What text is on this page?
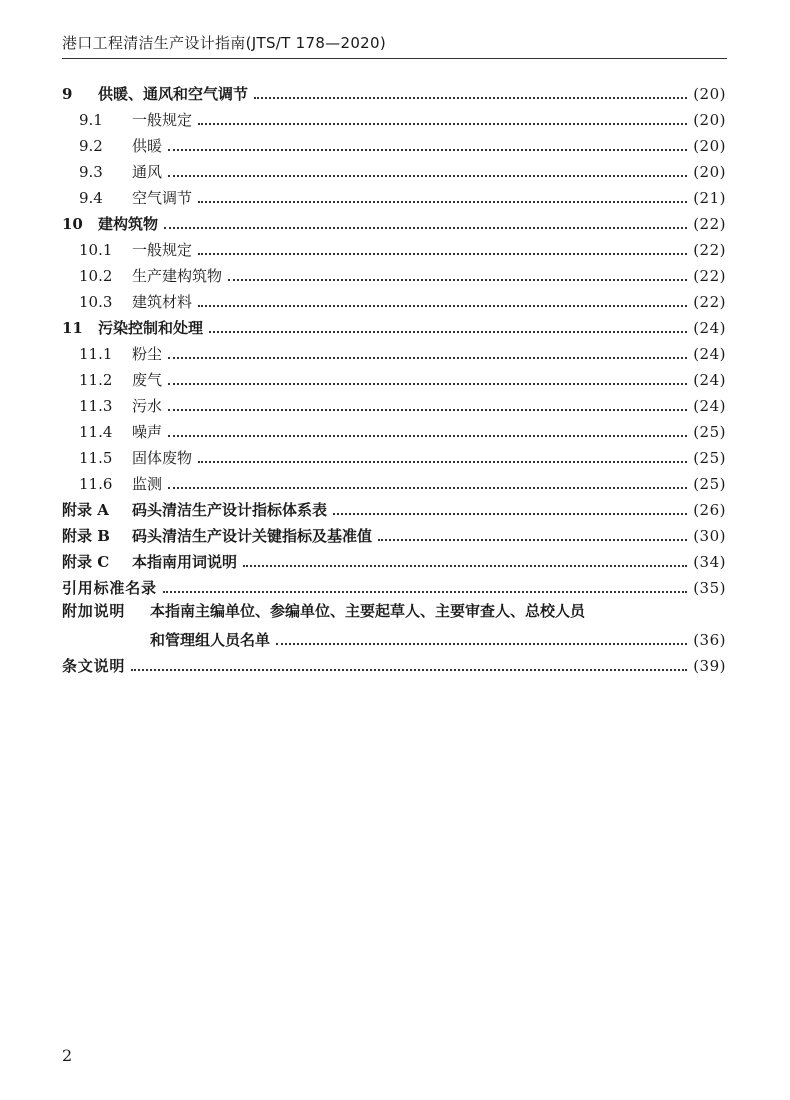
港口工程清洁生产设计指南(JTS/T 178—2020)
9	供暖、通风和空气调节	(20)
9.1	一般规定	(20)
9.2	供暖	(20)
9.3	通风	(20)
9.4	空气调节	(21)
10	建构筑物	(22)
10.1	一般规定	(22)
10.2	生产建构筑物	(22)
10.3	建筑材料	(22)
11	污染控制和处理	(24)
11.1	粉尘	(24)
11.2	废气	(24)
11.3	污水	(24)
11.4	噪声	(25)
11.5	固体废物	(25)
11.6	监测	(25)
附录 A	码头清洁生产设计指标体系表	(26)
附录 B	码头清洁生产设计关键指标及基准值	(30)
附录 C	本指南用词说明	(34)
引用标准名录	(35)
附加说明	本指南主编单位、参编单位、主要起草人、主要审查人、总校人员
和管理组人员名单	(36)
条文说明	(39)
2
